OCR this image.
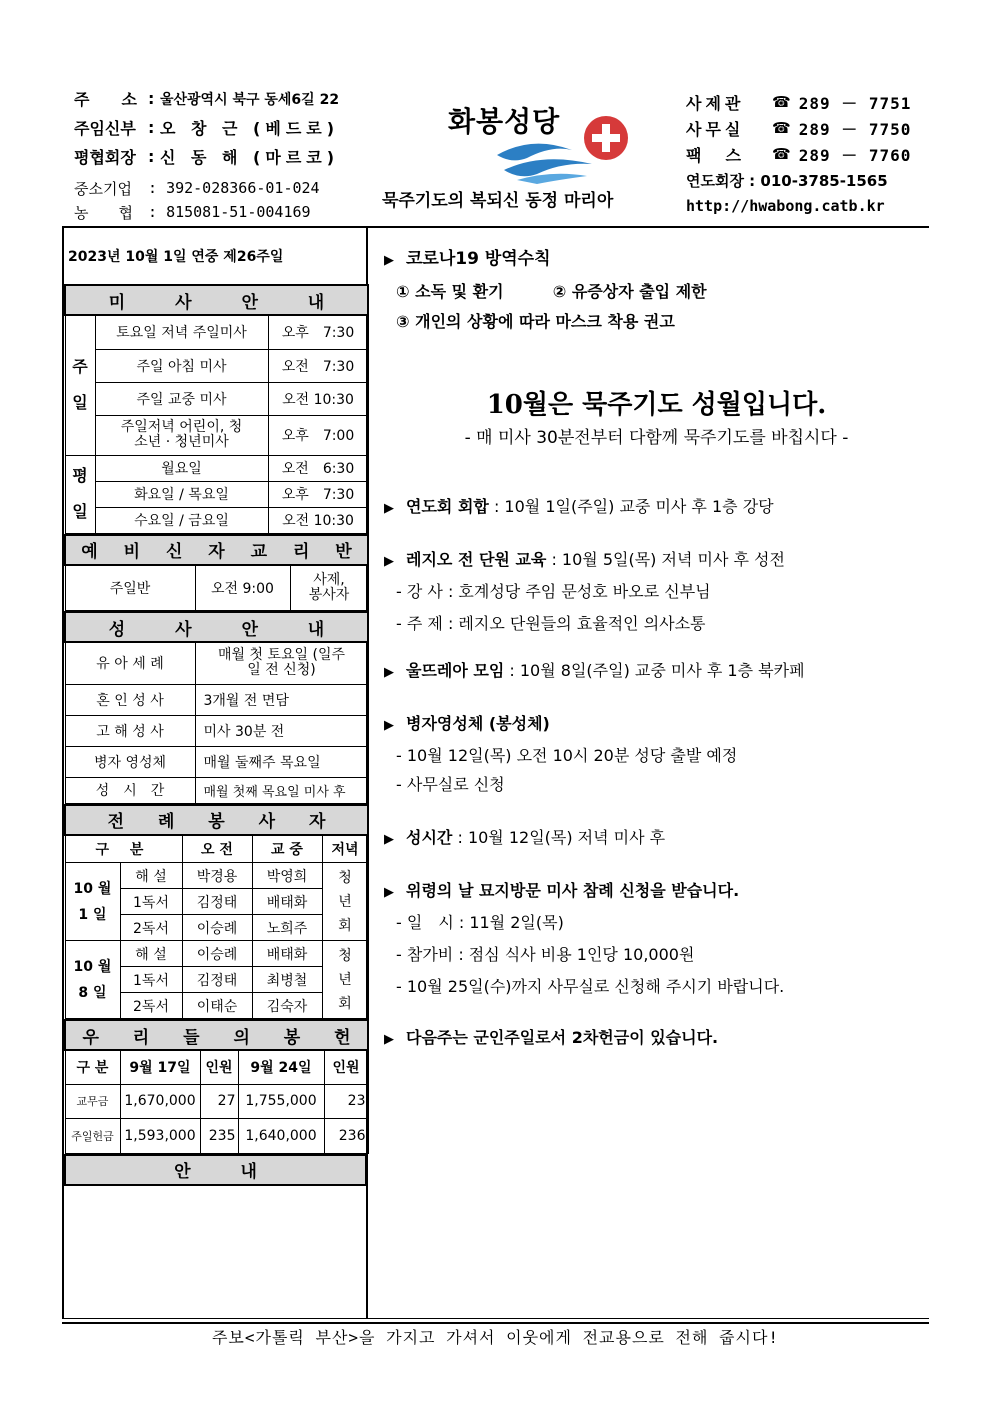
주　　소 : 울산광역시 북구 동세6길 22
주임신부 : 오 창 근 (베드로)
평협회장 : 신 동 해 (마르코)
중소기업	: 392-028366-01-024
농　　협	: 815081-51-004169
화봉성당
묵주기도의 복되신 동정 마리아
사제관	☎ 289 － 7751
사무실	☎ 289 － 7750
팩　스	☎ 289 － 7760
연도회장 : 010-3785-1565
http://hwabong.catb.kr
2023년 10월 1일 연중 제26주일
미 사 안 내		
주
일	토요일 저녁 주일미사	오후　7:30
	주일 아침 미사	오전　7:30
	주일 교중 미사	오전 10:30
	주일저녁 어린이, 청소년 · 청년미사	오후　7:00
평
일	월요일	오전　6:30
	화요일 / 목요일	오후　7:30
	수요일 / 금요일	오전 10:30
예 비 신 자 교 리 반
주일반	오전 9:00	사제, 봉사자
성 사 안 내	
유 아 세 례	매월 첫 토요일 (일주일 전 신청)
혼 인 성 사	3개월 전 면담
고 해 성 사	미사 30분 전
병자 영성체	매월 둘째주 목요일
성　시　간	매월 첫째 목요일 미사 후
전 례 봉 사 자				
구 분		오 전	교 중	저녁
10 월
1 일	해 설	박경용	박영희	청
년
회
	1독서	김정태	배태화	
	2독서	이승례	노희주	
10 월
8 일	해 설	이승례	배태화	청
년
회
	1독서	김정태	최병철	
	2독서	이태순	김숙자	
우 리 들 의 봉 헌				
구 분	9월 17일	인원	9월 24일	인원
교무금	1,670,000	27	1,755,000	23
주일헌금	1,593,000	235	1,640,000	236
안 내
▶ 코로나19 방역수칙
① 소독 및 환기	② 유증상자 출입 제한
③ 개인의 상황에 따라 마스크 착용 권고
10월은 묵주기도 성월입니다.
- 매 미사 30분전부터 다함께 묵주기도를 바칩시다 -
▶ 연도회 회합 : 10월 1일(주일) 교중 미사 후 1층 강당
▶ 레지오 전 단원 교육 : 10월 5일(목) 저녁 미사 후 성전
- 강 사 : 호계성당 주임 문성호 바오로 신부님
- 주 제 : 레지오 단원들의 효율적인 의사소통
▶ 울뜨레아 모임 : 10월 8일(주일) 교중 미사 후 1층 북카페
▶ 병자영성체 (봉성체)
- 10월 12일(목) 오전 10시 20분 성당 출발 예정
- 사무실로 신청
▶ 성시간 : 10월 12일(목) 저녁 미사 후
▶ 위령의 날 묘지방문 미사 참례 신청을 받습니다.
- 일　시 : 11월 2일(목)
- 참가비 : 점심 식사 비용 1인당 10,000원
- 10월 25일(수)까지 사무실로 신청해 주시기 바랍니다.
▶ 다음주는 군인주일로서 2차헌금이 있습니다.
주보<가톨릭 부산>을 가지고 가셔서 이웃에게 전교용으로 전해 줍시다!
